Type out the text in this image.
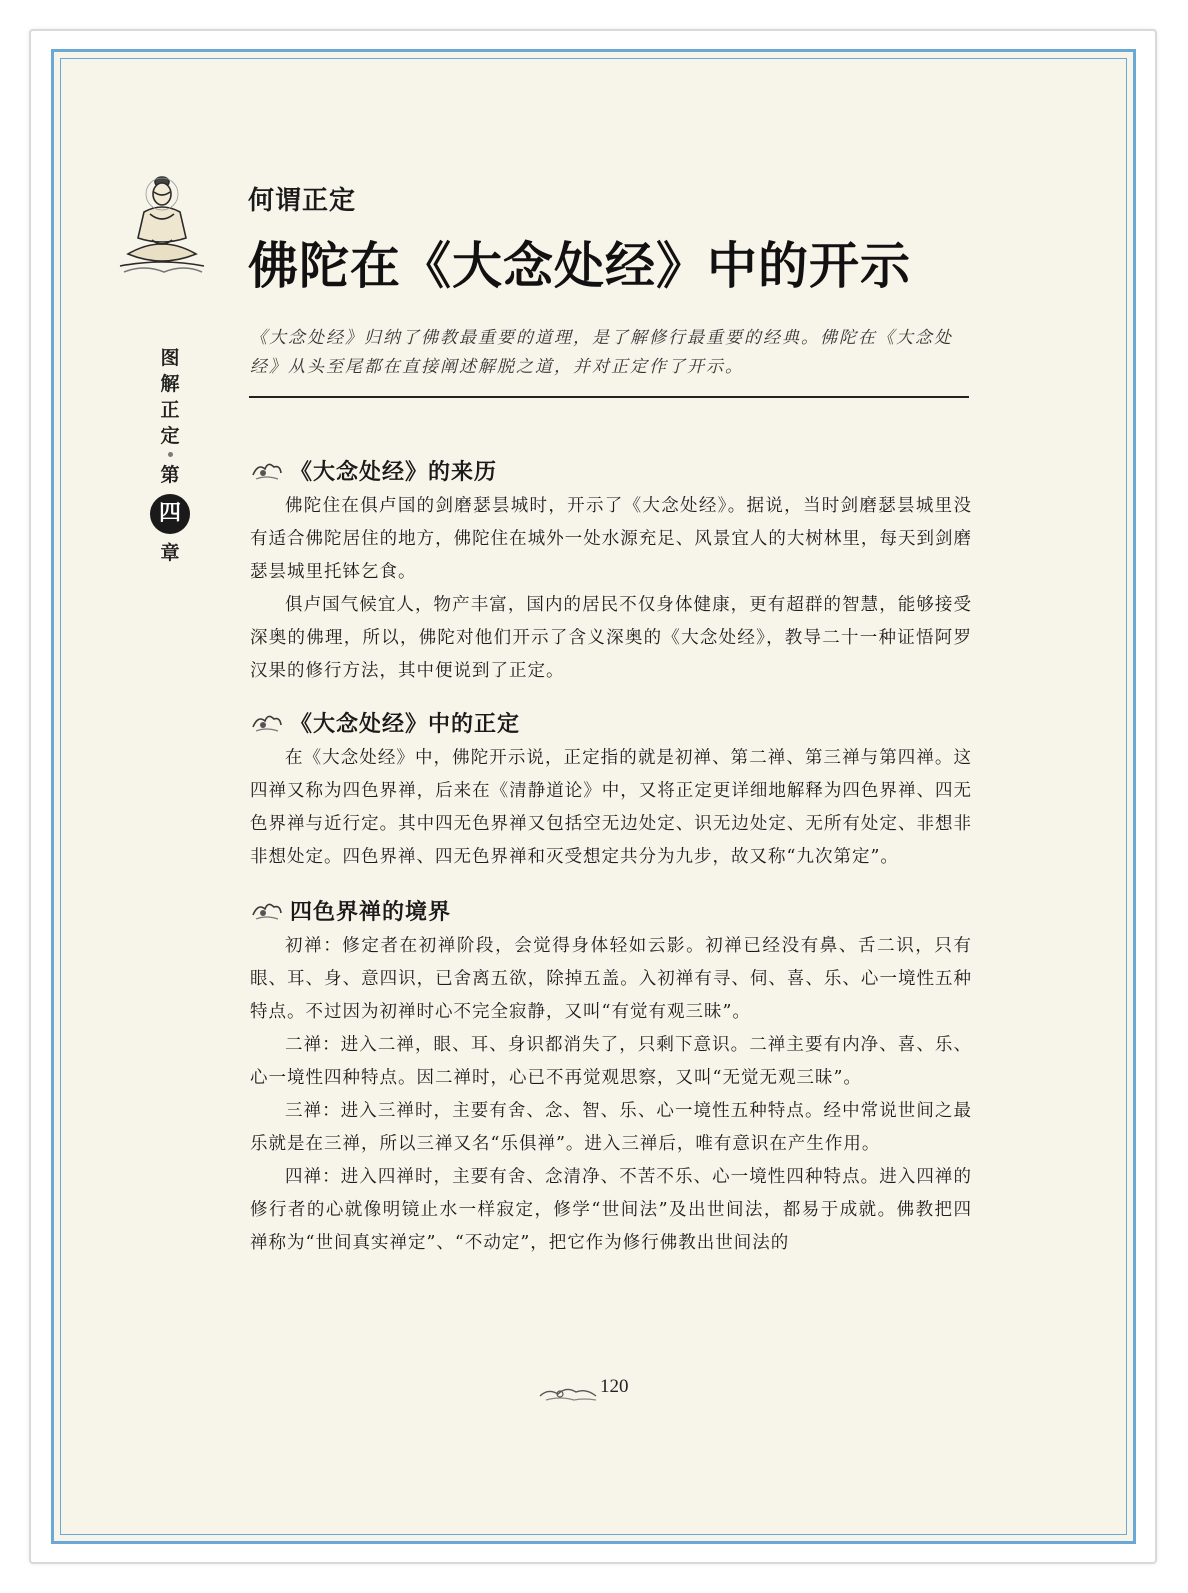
图
解
正
定
第
四
章
何谓正定
佛陀在《大念处经》中的开示
《大念处经》归纳了佛教最重要的道理，是了解修行最重要的经典。佛陀在《大念处经》从头至尾都在直接阐述解脱之道，并对正定作了开示。
《大念处经》的来历

佛陀住在俱卢国的剑磨瑟昙城时，开示了《大念处经》。据说，当时剑磨瑟昙城里没有适合佛陀居住的地方，佛陀住在城外一处水源充足、风景宜人的大树林里，每天到剑磨瑟昙城里托钵乞食。

俱卢国气候宜人，物产丰富，国内的居民不仅身体健康，更有超群的智慧，能够接受深奥的佛理，所以，佛陀对他们开示了含义深奥的《大念处经》，教导二十一种证悟阿罗汉果的修行方法，其中便说到了正定。

《大念处经》中的正定

在《大念处经》中，佛陀开示说，正定指的就是初禅、第二禅、第三禅与第四禅。这四禅又称为四色界禅，后来在《清静道论》中，又将正定更详细地解释为四色界禅、四无色界禅与近行定。其中四无色界禅又包括空无边处定、识无边处定、无所有处定、非想非非想处定。四色界禅、四无色界禅和灭受想定共分为九步，故又称“九次第定”。

四色界禅的境界

初禅：修定者在初禅阶段，会觉得身体轻如云影。初禅已经没有鼻、舌二识，只有眼、耳、身、意四识，已舍离五欲，除掉五盖。入初禅有寻、伺、喜、乐、心一境性五种特点。不过因为初禅时心不完全寂静，又叫“有觉有观三昧”。

二禅：进入二禅，眼、耳、身识都消失了，只剩下意识。二禅主要有内净、喜、乐、心一境性四种特点。因二禅时，心已不再觉观思察，又叫“无觉无观三昧”。

三禅：进入三禅时，主要有舍、念、智、乐、心一境性五种特点。经中常说世间之最乐就是在三禅，所以三禅又名“乐俱禅”。进入三禅后，唯有意识在产生作用。

四禅：进入四禅时，主要有舍、念清净、不苦不乐、心一境性四种特点。进入四禅的修行者的心就像明镜止水一样寂定，修学“世间法”及出世间法，都易于成就。佛教把四禅称为“世间真实禅定”、“不动定”，把它作为修行佛教出世间法的

120
